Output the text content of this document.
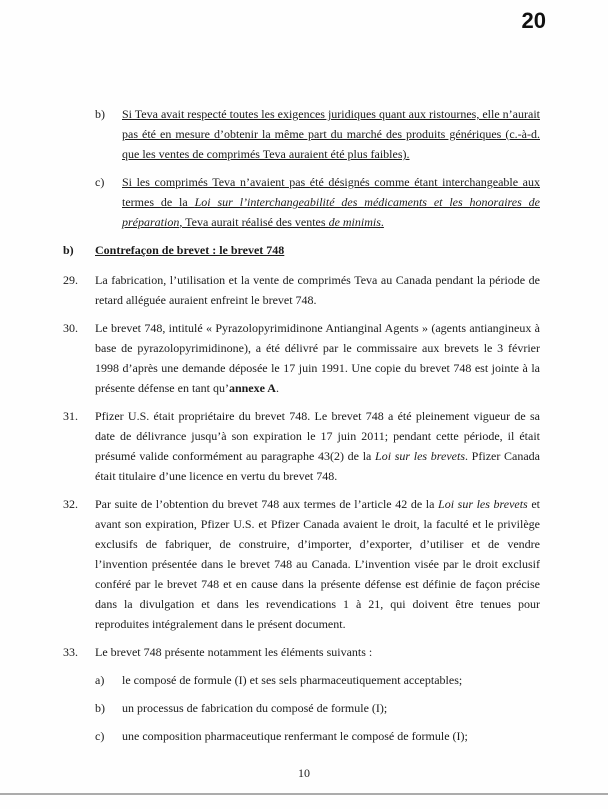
20
b)	Si Teva avait respecté toutes les exigences juridiques quant aux ristournes, elle n’aurait pas été en mesure d’obtenir la même part du marché des produits génériques (c.-à-d. que les ventes de comprimés Teva auraient été plus faibles).
c)	Si les comprimés Teva n’avaient pas été désignés comme étant interchangeable aux termes de la Loi sur l’interchangeabilité des médicaments et les honoraires de préparation, Teva aurait réalisé des ventes de minimis.
b)	Contrefaçon de brevet : le brevet 748
29.	La fabrication, l’utilisation et la vente de comprimés Teva au Canada pendant la période de retard alléguée auraient enfreint le brevet 748.
30.	Le brevet 748, intitulé « Pyrazolopyrimidinone Antianginal Agents » (agents antiangineux à base de pyrazolopyrimidinone), a été délivré par le commissaire aux brevets le 3 février 1998 d’après une demande déposée le 17 juin 1991. Une copie du brevet 748 est jointe à la présente défense en tant qu’annexe A.
31.	Pfizer U.S. était propriétaire du brevet 748. Le brevet 748 a été pleinement vigueur de sa date de délivrance jusqu’à son expiration le 17 juin 2011; pendant cette période, il était présumé valide conformément au paragraphe 43(2) de la Loi sur les brevets. Pfizer Canada était titulaire d’une licence en vertu du brevet 748.
32.	Par suite de l’obtention du brevet 748 aux termes de l’article 42 de la Loi sur les brevets et avant son expiration, Pfizer U.S. et Pfizer Canada avaient le droit, la faculté et le privilège exclusifs de fabriquer, de construire, d’importer, d’exporter, d’utiliser et de vendre l’invention présentée dans le brevet 748 au Canada. L’invention visée par le droit exclusif conféré par le brevet 748 et en cause dans la présente défense est définie de façon précise dans la divulgation et dans les revendications 1 à 21, qui doivent être tenues pour reproduites intégralement dans le présent document.
33.	Le brevet 748 présente notamment les éléments suivants :
a)	le composé de formule (I) et ses sels pharmaceutiquement acceptables;
b)	un processus de fabrication du composé de formule (I);
c)	une composition pharmaceutique renfermant le composé de formule (I);
10
